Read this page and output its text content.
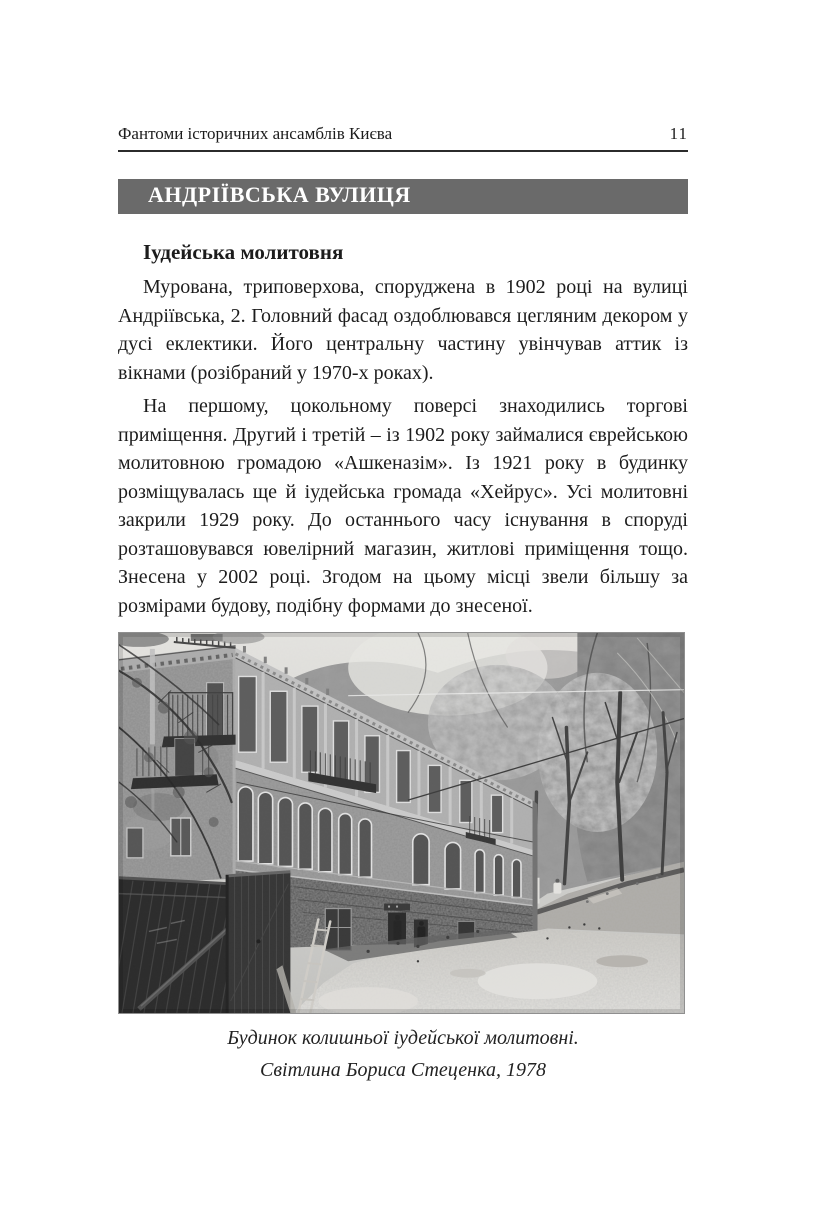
Фантоми історичних ансамблів Києва	11
АНДРІЇВСЬКА ВУЛИЦЯ
Іудейська молитовня

Мурована, триповерхова, споруджена в 1902 році на вулиці Андріївська, 2. Головний фасад оздоблювався цегляним декором у дусі еклектики. Його центральну частину увінчував аттик із вікнами (розібраний у 1970-х роках).

На першому, цокольному поверсі знаходились торгові приміщення. Другий і третій – із 1902 року займалися єврейською молитовною громадою «Ашкеназім». Із 1921 року в будинку розміщувалась ще й іудейська громада «Хейрус». Усі молитовні закрили 1929 року. До останнього часу існування в споруді розташовувався ювелірний магазин, житлові приміщення тощо. Знесена у 2002 році. Згодом на цьому місці звели більшу за розмірами будову, подібну формами до знесеної.

Будинок колишньої іудейської молитовні.
Світлина Бориса Стеценка, 1978
